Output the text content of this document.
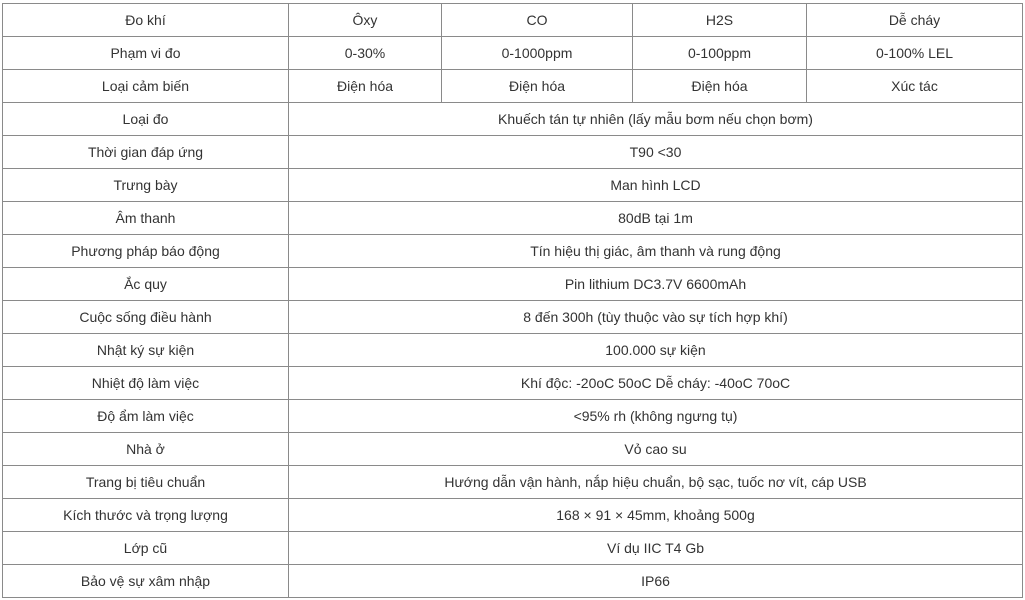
Đo khí	Ôxy	CO	H2S	Dễ cháy
Phạm vi đo	0-30%	0-1000ppm	0-100ppm	0-100% LEL
Loại cảm biến	Điện hóa	Điện hóa	Điện hóa	Xúc tác
Loại đo	Khuếch tán tự nhiên (lấy mẫu bơm nếu chọn bơm)			
Thời gian đáp ứng	T90 <30			
Trưng bày	Man hình LCD			
Âm thanh	80dB tại 1m			
Phương pháp báo động	Tín hiệu thị giác, âm thanh và rung động			
Ắc quy	Pin lithium DC3.7V 6600mAh			
Cuộc sống điều hành	8 đến 300h (tùy thuộc vào sự tích hợp khí)			
Nhật ký sự kiện	100.000 sự kiện			
Nhiệt độ làm việc	Khí độc: -20oC 50oC Dễ cháy: -40oC 70oC			
Độ ẩm làm việc	<95% rh (không ngưng tụ)			
Nhà ở	Vỏ cao su			
Trang bị tiêu chuẩn	Hướng dẫn vận hành, nắp hiệu chuẩn, bộ sạc, tuốc nơ vít, cáp USB			
Kích thước và trọng lượng	168 × 91 × 45mm, khoảng 500g			
Lớp cũ	Ví dụ IIC T4 Gb			
Bảo vệ sự xâm nhập	IP66			
